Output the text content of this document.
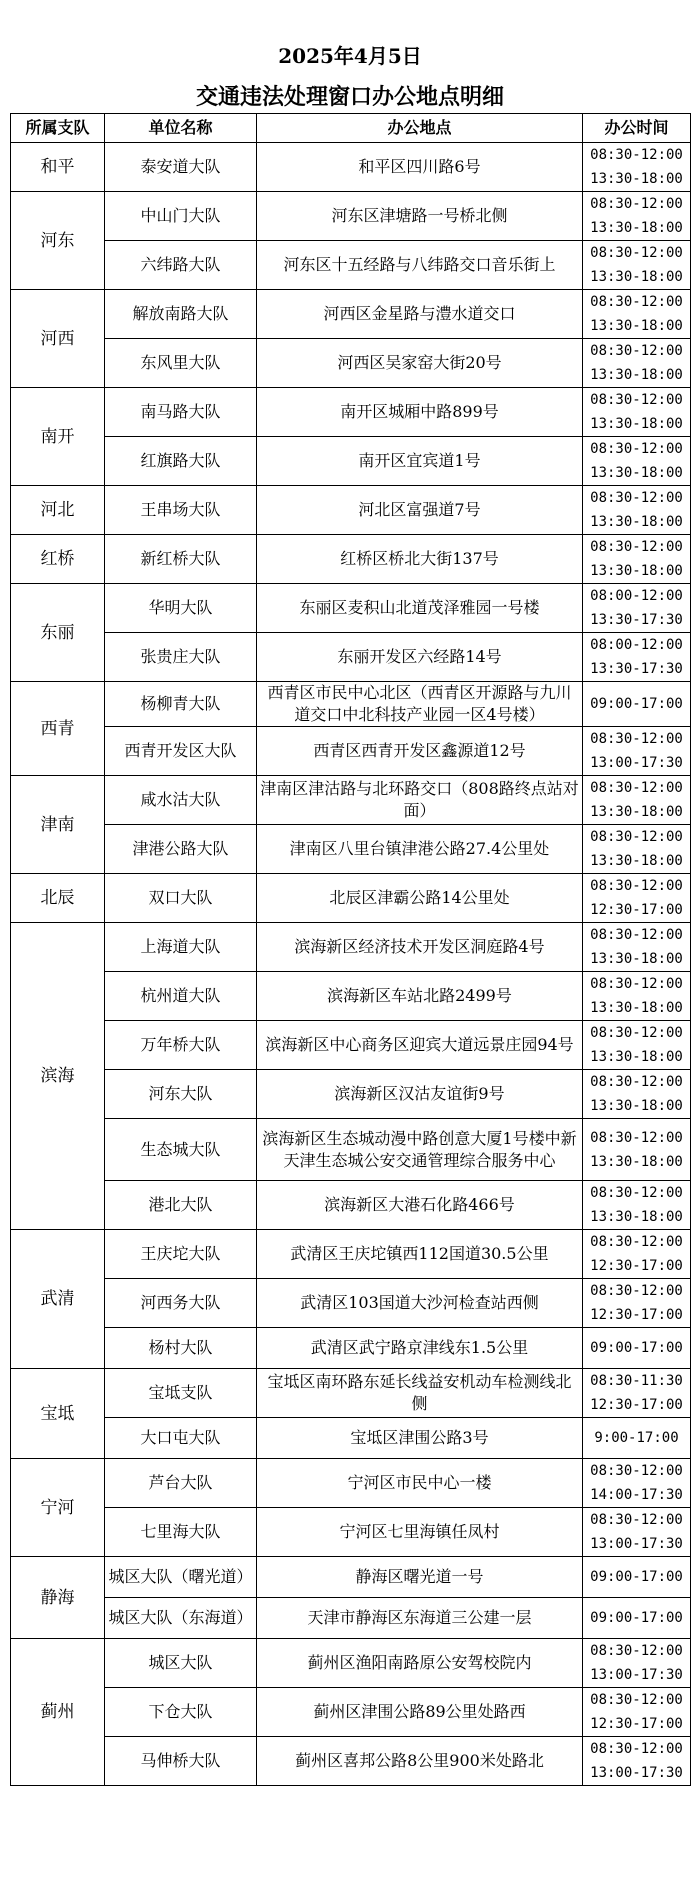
2025年4月5日
交通违法处理窗口办公地点明细
所属支队	单位名称	办公地点	办公时间
和平	泰安道大队	和平区四川路6号	08:30-12:00
13:30-18:00

河东	中山门大队	河东区津塘路一号桥北侧	08:30-12:00
13:30-18:00

	六纬路大队	河东区十五经路与八纬路交口音乐街上	08:30-12:00
13:30-18:00

河西	解放南路大队	河西区金星路与澧水道交口	08:30-12:00
13:30-18:00

	东风里大队	河西区吴家窑大街20号	08:30-12:00
13:30-18:00

南开	南马路大队	南开区城厢中路899号	08:30-12:00
13:30-18:00

	红旗路大队	南开区宜宾道1号	08:30-12:00
13:30-18:00

河北	王串场大队	河北区富强道7号	08:30-12:00
13:30-18:00

红桥	新红桥大队	红桥区桥北大街137号	08:30-12:00
13:30-18:00

东丽	华明大队	东丽区麦积山北道茂泽雅园一号楼	08:00-12:00
13:30-17:30

	张贵庄大队	东丽开发区六经路14号	08:00-12:00
13:30-17:30

西青	杨柳青大队	西青区市民中心北区（西青区开源路与九川道交口中北科技产业园一区4号楼）	09:00-17:00

	西青开发区大队	西青区西青开发区鑫源道12号	08:30-12:00
13:00-17:30

津南	咸水沽大队	津南区津沽路与北环路交口（808路终点站对面）	08:30-12:00
13:30-18:00

	津港公路大队	津南区八里台镇津港公路27.4公里处	08:30-12:00
13:30-18:00

北辰	双口大队	北辰区津霸公路14公里处	08:30-12:00
12:30-17:00

滨海	上海道大队	滨海新区经济技术开发区洞庭路4号	08:30-12:00
13:30-18:00

	杭州道大队	滨海新区车站北路2499号	08:30-12:00
13:30-18:00

	万年桥大队	滨海新区中心商务区迎宾大道远景庄园94号	08:30-12:00
13:30-18:00

	河东大队	滨海新区汉沽友谊街9号	08:30-12:00
13:30-18:00

	生态城大队	滨海新区生态城动漫中路创意大厦1号楼中新天津生态城公安交通管理综合服务中心	08:30-12:00
13:30-18:00

	港北大队	滨海新区大港石化路466号	08:30-12:00
13:30-18:00

武清	王庆坨大队	武清区王庆坨镇西112国道30.5公里	08:30-12:00
12:30-17:00

	河西务大队	武清区103国道大沙河检查站西侧	08:30-12:00
12:30-17:00

	杨村大队	武清区武宁路京津线东1.5公里	09:00-17:00

宝坻	宝坻支队	宝坻区南环路东延长线益安机动车检测线北侧	08:30-11:30
12:30-17:00

	大口屯大队	宝坻区津围公路3号	9:00-17:00

宁河	芦台大队	宁河区市民中心一楼	08:30-12:00
14:00-17:30

	七里海大队	宁河区七里海镇任凤村	08:30-12:00
13:00-17:30

静海	城区大队（曙光道）	静海区曙光道一号	09:00-17:00

	城区大队（东海道）	天津市静海区东海道三公建一层	09:00-17:00

蓟州	城区大队	蓟州区渔阳南路原公安驾校院内	08:30-12:00
13:00-17:30

	下仓大队	蓟州区津围公路89公里处路西	08:30-12:00
12:30-17:00

	马伸桥大队	蓟州区喜邦公路8公里900米处路北	08:30-12:00
13:00-17:30
